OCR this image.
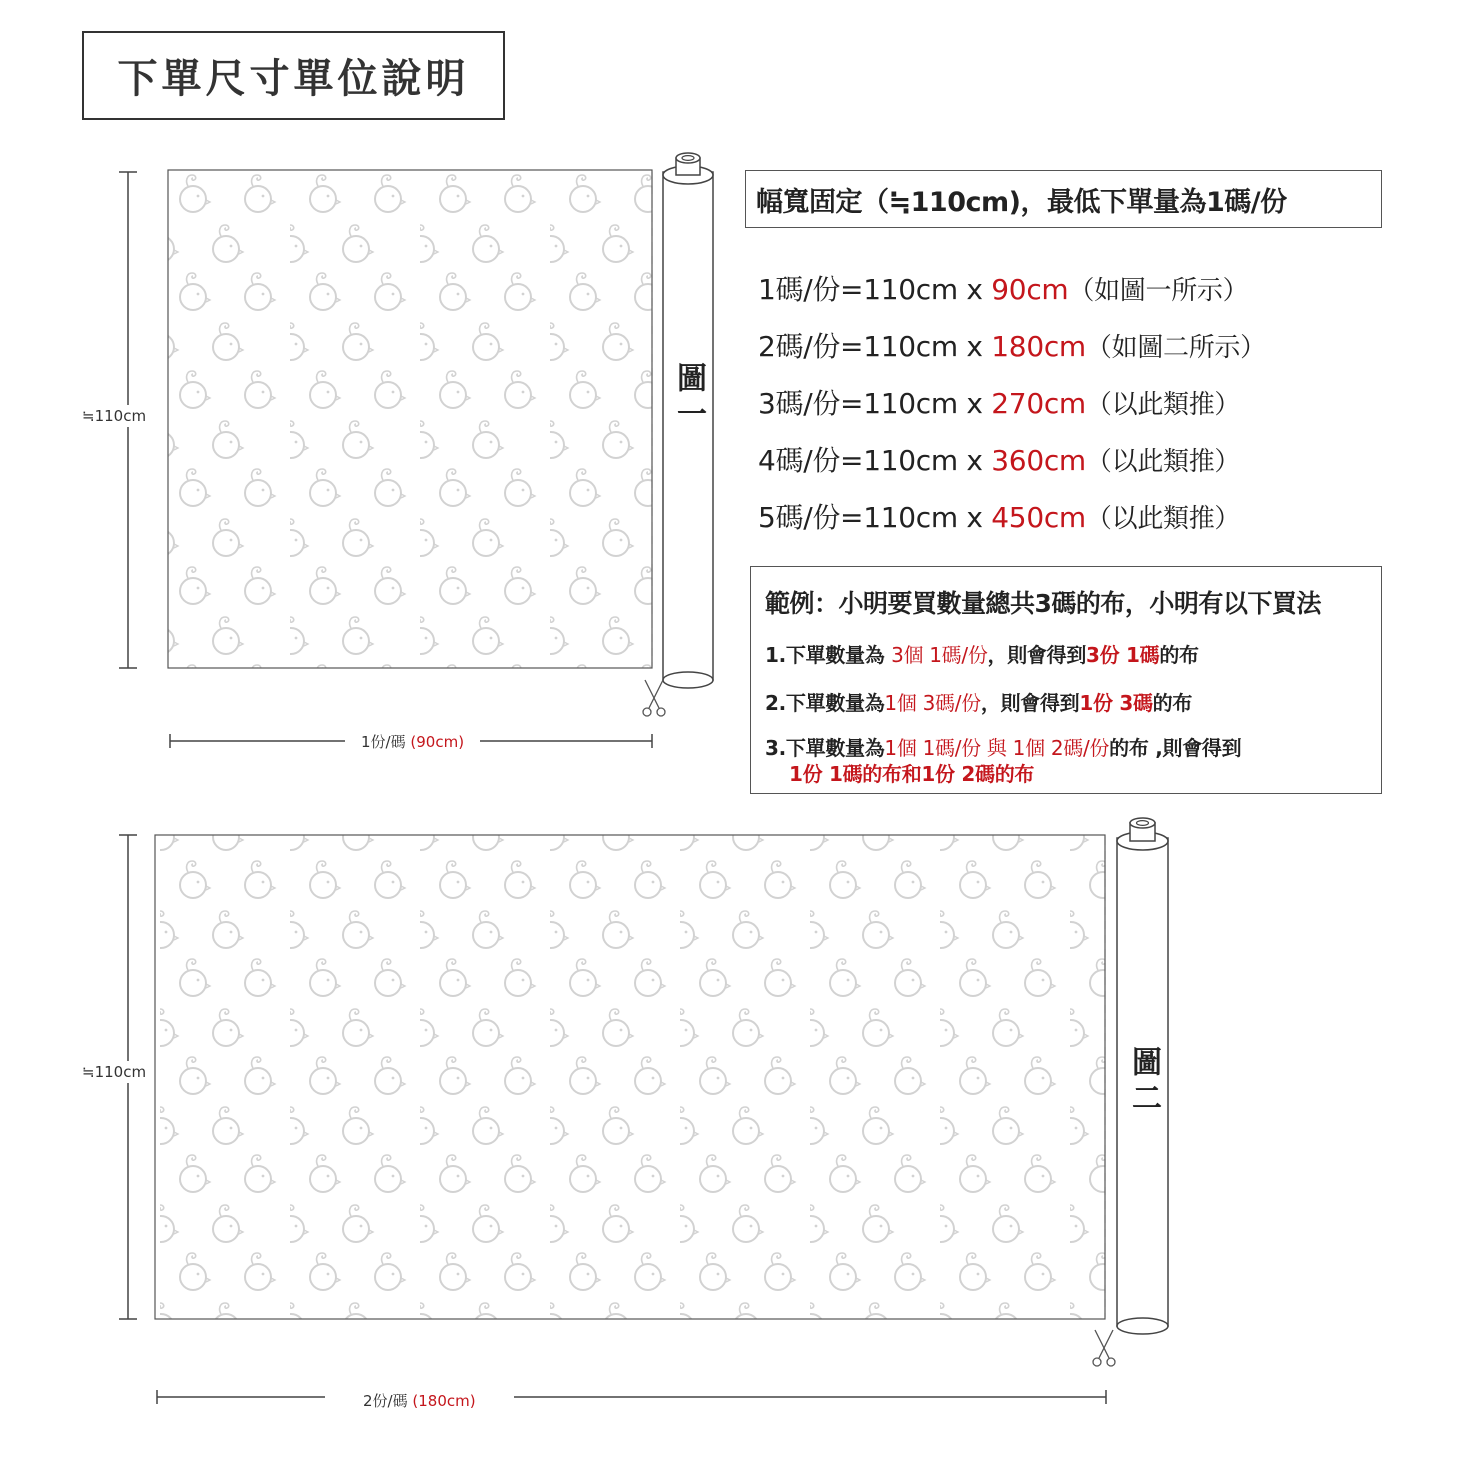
下單尺寸單位說明
圖一
圖二
≒110cm
≒110cm
1份/碼 (90cm)
2份/碼 (180cm)
幅寬固定（≒110cm)，最低下單量為1碼/份
1碼/份=110cm x 90cm（如圖一所示）
2碼/份=110cm x 180cm（如圖二所示）
3碼/份=110cm x 270cm（以此類推）
4碼/份=110cm x 360cm（以此類推）
5碼/份=110cm x 450cm（以此類推）
範例：小明要買數量總共3碼的布，小明有以下買法
1.下單數量為 3個 1碼/份，則會得到3份 1碼的布
2.下單數量為1個 3碼/份，則會得到1份 3碼的布
3.下單數量為1個 1碼/份 與 1個 2碼/份的布 ,則會得到
1份 1碼的布和1份 2碼的布
